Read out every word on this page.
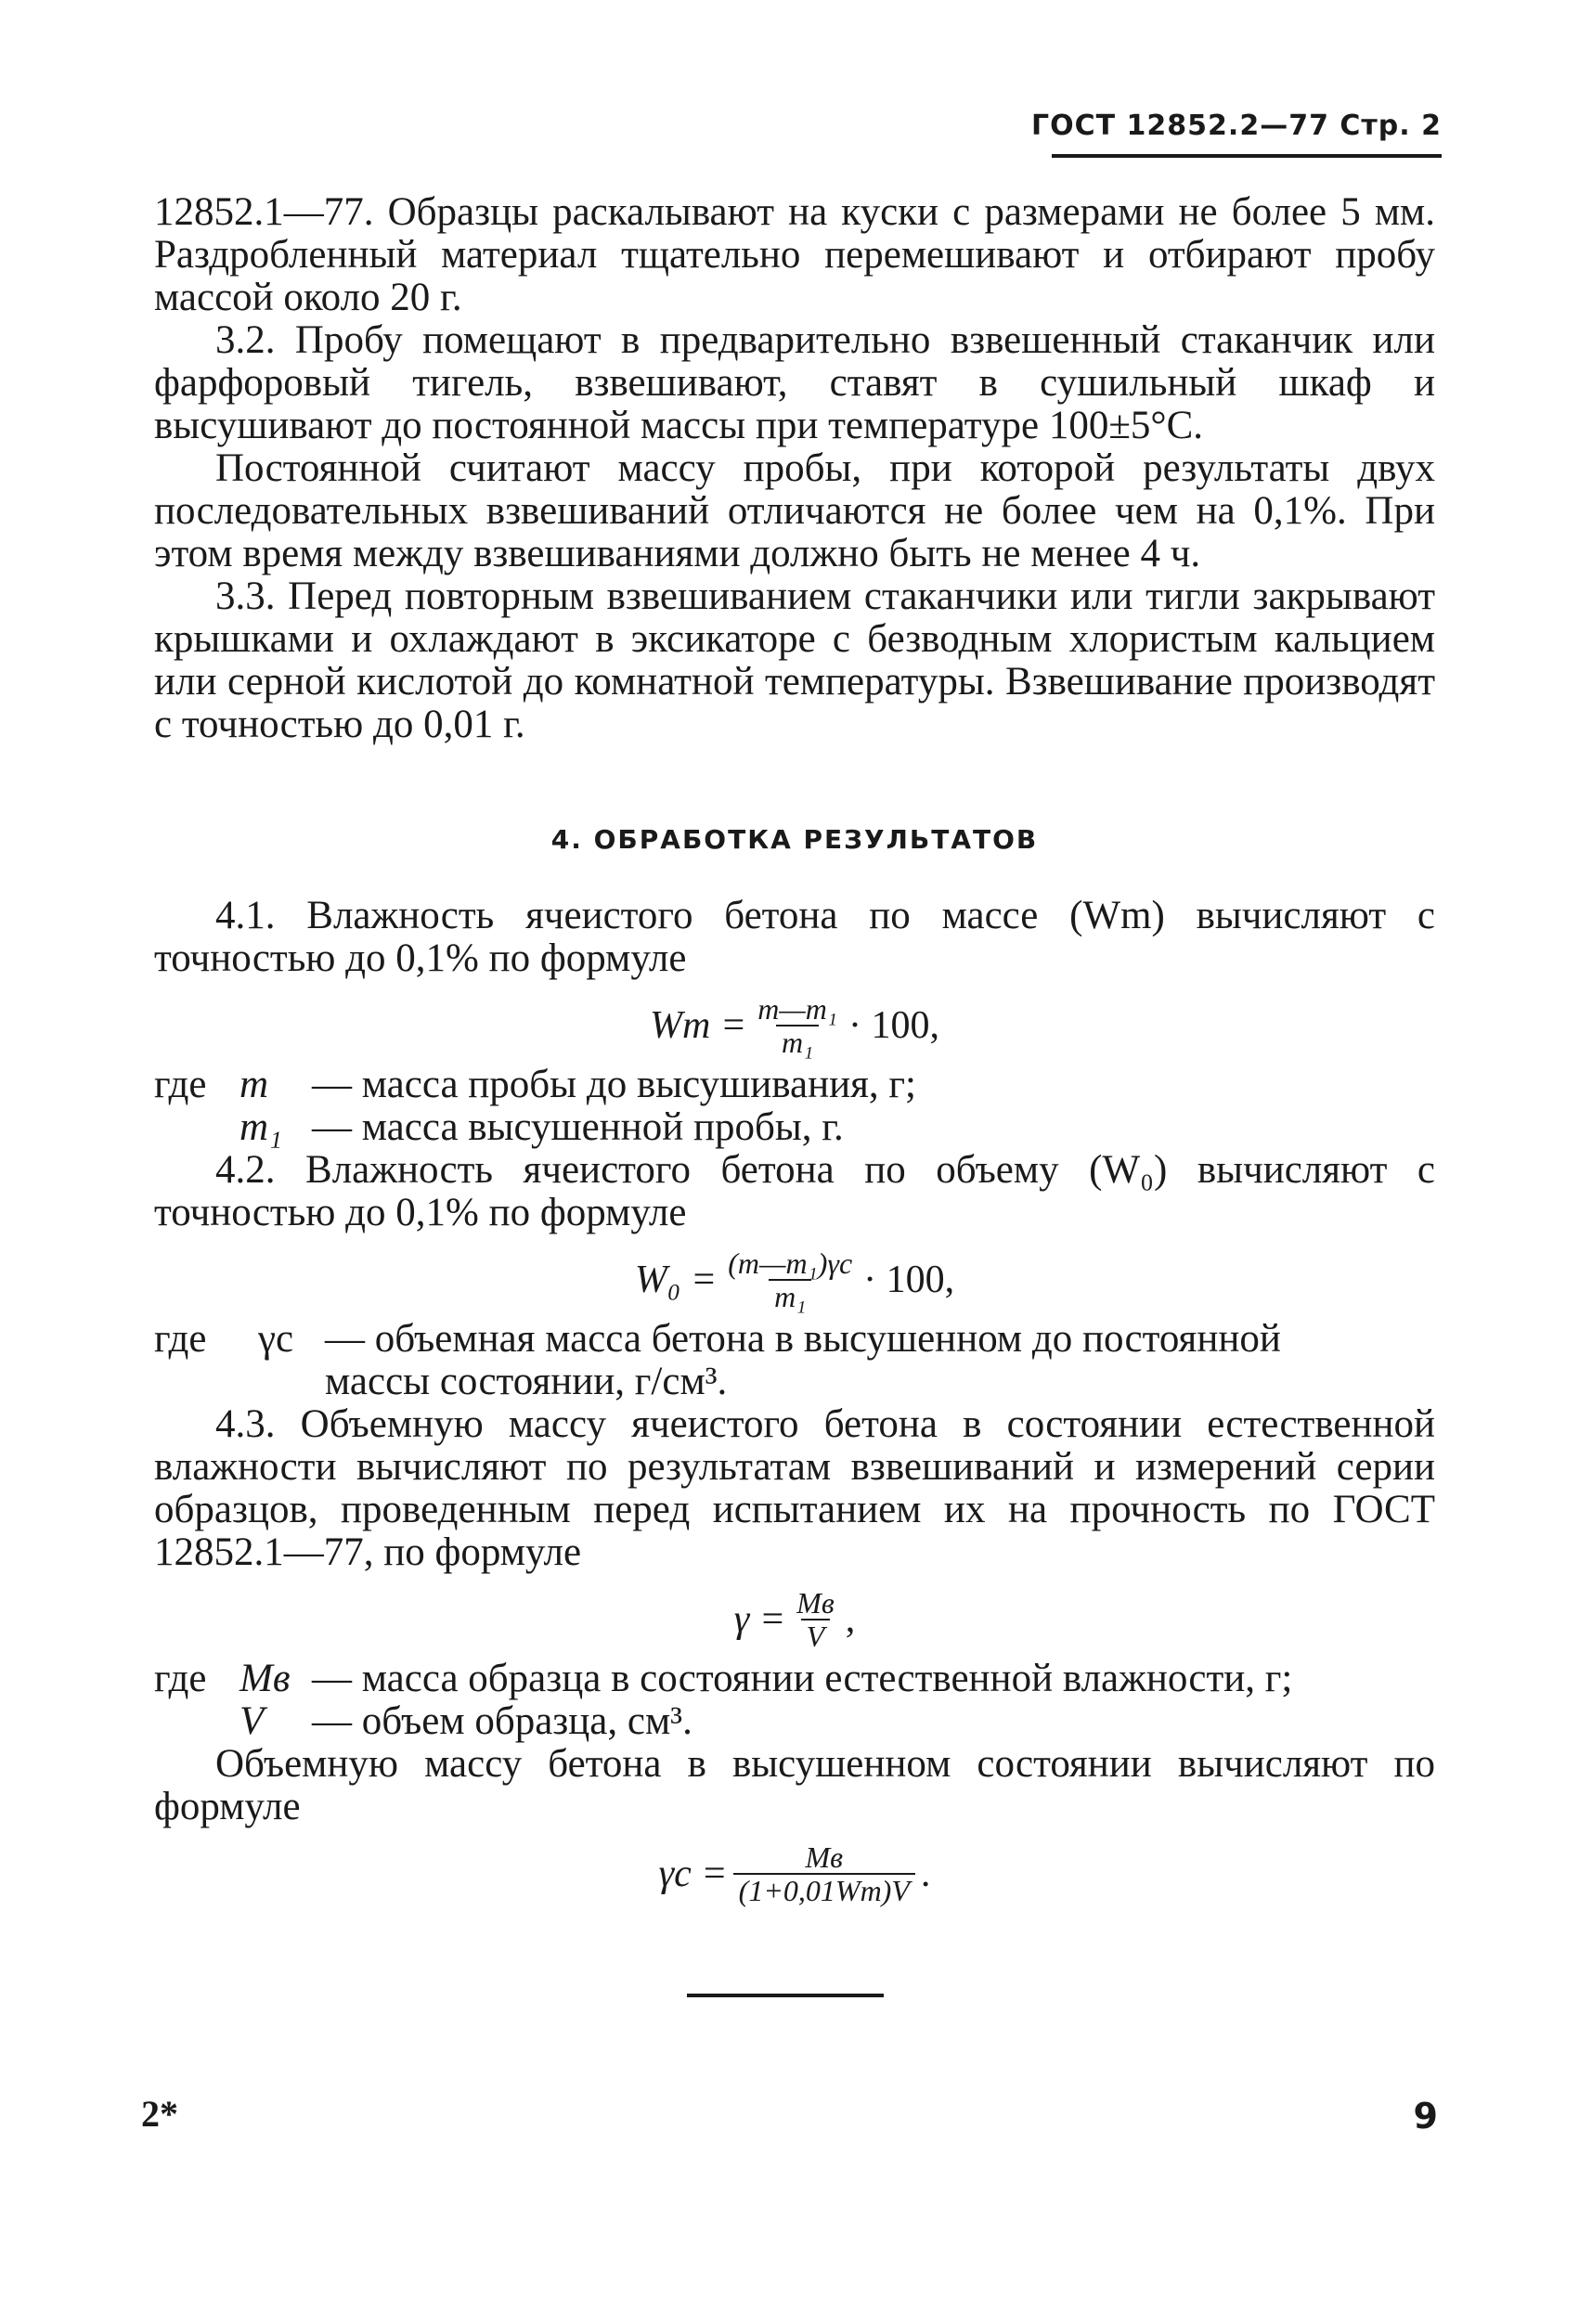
ГОСТ 12852.2—77 Стр. 2

12852.1—77. Образцы раскалывают на куски с размерами не более 5 мм. Раздробленный материал тщательно перемешивают и отбирают пробу массой около 20 г.

3.2. Пробу помещают в предварительно взвешенный стаканчик или фарфоровый тигель, взвешивают, ставят в сушильный шкаф и высушивают до постоянной массы при температуре 100±5°С.

Постоянной считают массу пробы, при которой результаты двух последовательных взвешиваний отличаются не более чем на 0,1%. При этом время между взвешиваниями должно быть не менее 4 ч.

3.3. Перед повторным взвешиванием стаканчики или тигли закрывают крышками и охлаждают в эксикаторе с безводным хлористым кальцием или серной кислотой до комнатной температуры. Взвешивание производят с точностью до 0,01 г.

4. ОБРАБОТКА РЕЗУЛЬТАТОВ

4.1. Влажность ячеистого бетона по массе (Wm) вычисляют с точностью до 0,1% по формуле

$Wm = \frac{\text{m—m₁}}{\text{m₁}} \cdot 100$,
где m	— масса пробы до высушивания, г;
m₁ — масса высушенной пробы, г.

4.2. Влажность ячеистого бетона по объему (W₀) вычисляют с точностью до 0,1% по формуле

$W_0 = \frac{\text{(m—m₁)γc}}{\text{m₁}} \cdot 100$,
где	γc — объемная масса бетона в высушенном до постоянной
массы состоянии, г/см³.

4.3. Объемную массу ячеистого бетона в состоянии естественной влажности вычисляют по результатам взвешиваний и измерений серии образцов, проведенным перед испытанием их на прочность по ГОСТ 12852.1—77, по формуле

$\gamma = \frac{Mв}{V}$ ,
где Mв — масса образца в состоянии естественной влажности, г;
V	— объем образца, см³.

Объемную массу бетона в высушенном состоянии вычисляют по формуле

$\gamma c = \frac{Mв}{(1+0,01Wm)V}$ .
2*	9
